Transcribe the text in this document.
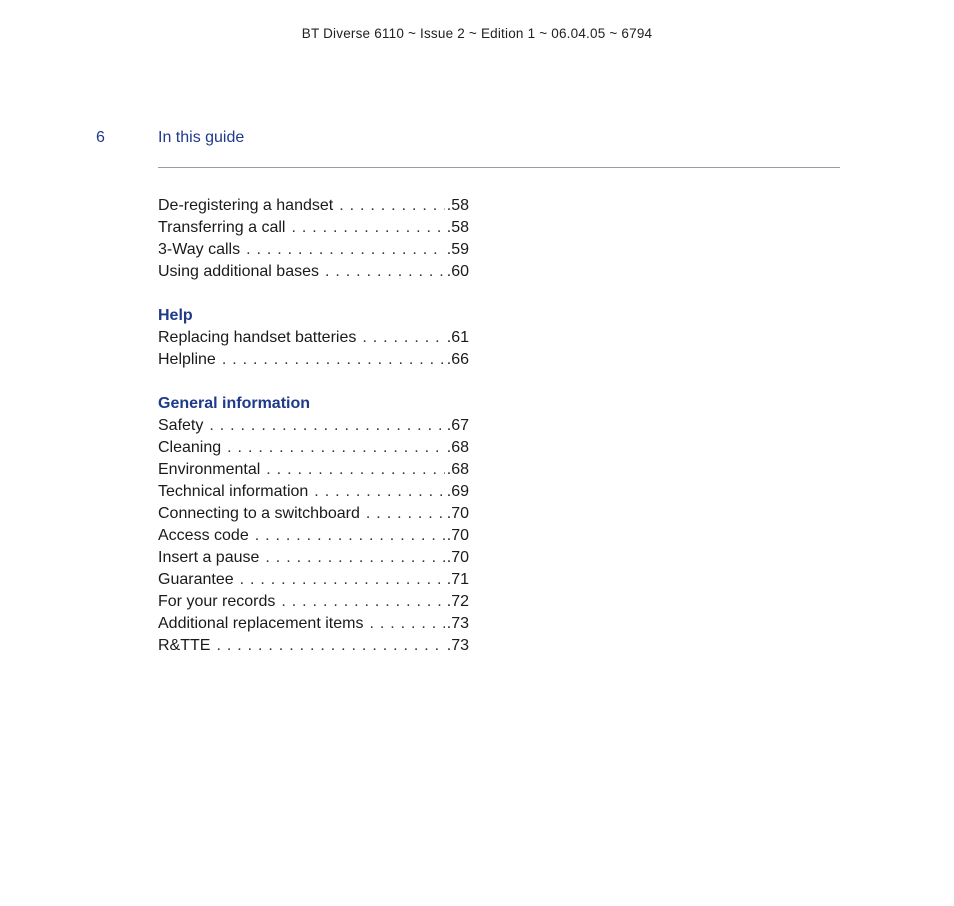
BT Diverse 6110 ~ Issue 2 ~ Edition 1 ~ 06.04.05 ~ 6794
6	In this guide
De-registering a handset . . .	.58
Transferring a call . . .	.58
3-Way calls . . .	.59
Using additional bases . . .	.60
Help
Replacing handset batteries . . .	.61
Helpline . . .	.66
General information
Safety . . .	.67
Cleaning . . .	.68
Environmental . . .	.68
Technical information . . .	.69
Connecting to a switchboard . . .	.70
Access code . . .	.70
Insert a pause . . .	.70
Guarantee . . .	.71
For your records . . .	.72
Additional replacement items . . .	.73
R&TTE . . .	.73
